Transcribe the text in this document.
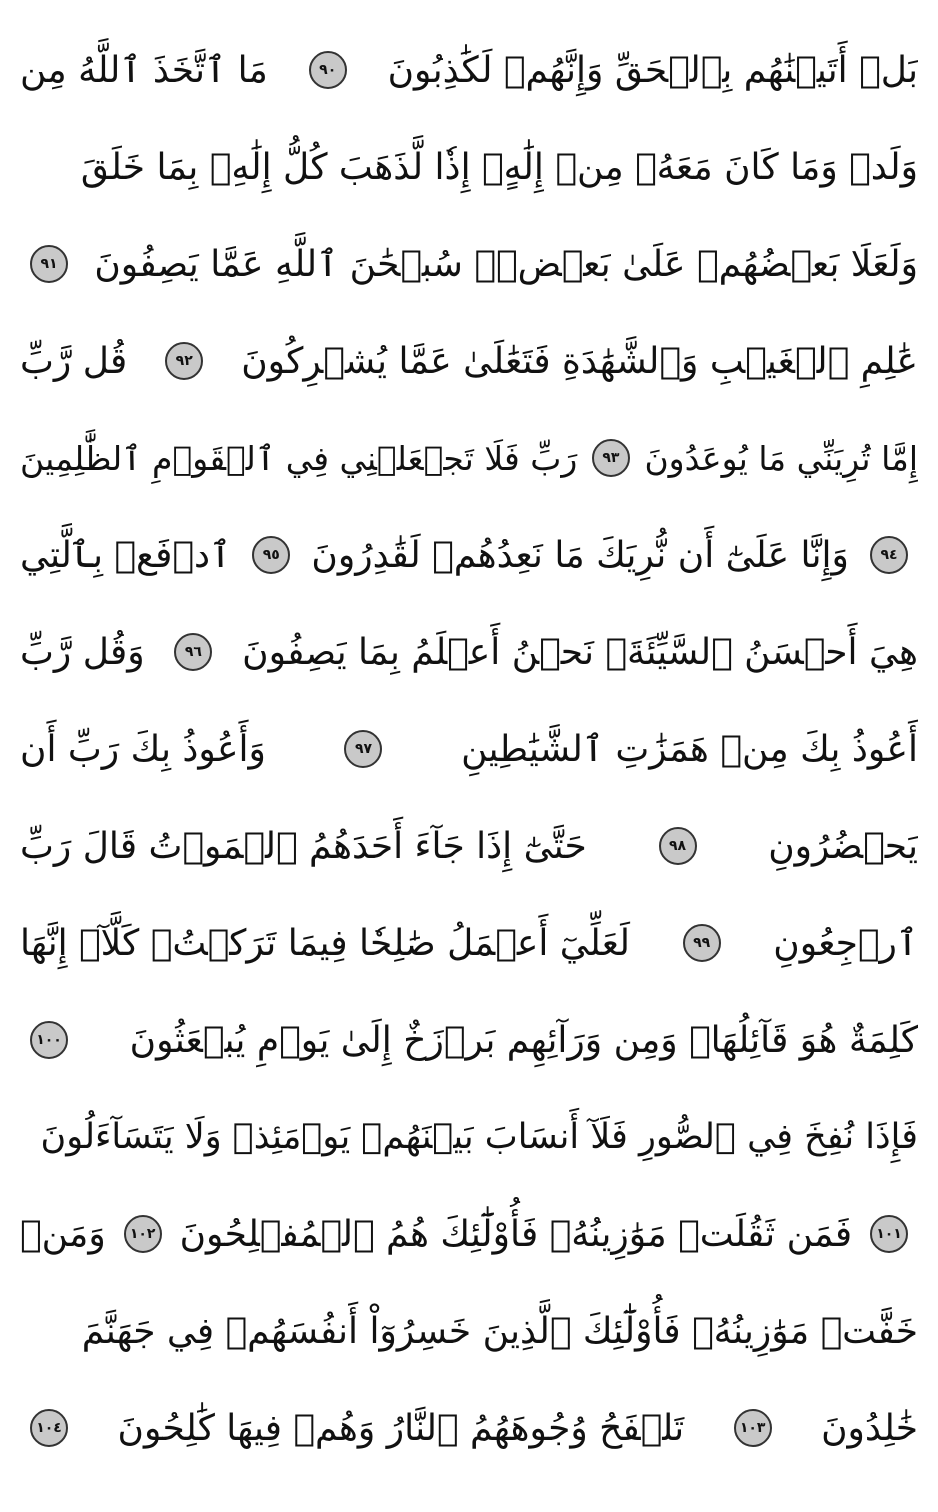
بَلۡ أَتَيۡنَٰهُم بِٱلۡحَقِّ وَإِنَّهُمۡ لَكَٰذِبُونَ
٩٠
مَا ٱتَّخَذَ ٱللَّهُ مِن
وَلَدٖ وَمَا كَانَ مَعَهُۥ مِنۡ إِلَٰهٍۚ إِذٗا لَّذَهَبَ كُلُّ إِلَٰهِۭ بِمَا خَلَقَ
وَلَعَلَا بَعۡضُهُمۡ عَلَىٰ بَعۡضٖۚ سُبۡحَٰنَ ٱللَّهِ عَمَّا يَصِفُونَ
٩١
عَٰلِمِ ٱلۡغَيۡبِ وَٱلشَّهَٰدَةِ فَتَعَٰلَىٰ عَمَّا يُشۡرِكُونَ
٩٢
قُل رَّبِّ
إِمَّا تُرِيَنِّي مَا يُوعَدُونَ
٩٣
رَبِّ فَلَا تَجۡعَلۡنِي فِي ٱلۡقَوۡمِ ٱلظَّٰلِمِينَ
٩٤
وَإِنَّا عَلَىٰٓ أَن نُّرِيَكَ مَا نَعِدُهُمۡ لَقَٰدِرُونَ
٩٥
ٱدۡفَعۡ بِٱلَّتِي
هِيَ أَحۡسَنُ ٱلسَّيِّئَةَۚ نَحۡنُ أَعۡلَمُ بِمَا يَصِفُونَ
٩٦
وَقُل رَّبِّ
أَعُوذُ بِكَ مِنۡ هَمَزَٰتِ ٱلشَّيَٰطِينِ
٩٧
وَأَعُوذُ بِكَ رَبِّ أَن
يَحۡضُرُونِ
٩٨
حَتَّىٰٓ إِذَا جَآءَ أَحَدَهُمُ ٱلۡمَوۡتُ قَالَ رَبِّ
ٱرۡجِعُونِ
٩٩
لَعَلِّيٓ أَعۡمَلُ صَٰلِحٗا فِيمَا تَرَكۡتُۚ كَلَّآۚ إِنَّهَا
كَلِمَةٌ هُوَ قَآئِلُهَاۖ وَمِن وَرَآئِهِم بَرۡزَخٌ إِلَىٰ يَوۡمِ يُبۡعَثُونَ
١٠٠
فَإِذَا نُفِخَ فِي ٱلصُّورِ فَلَآ أَنسَابَ بَيۡنَهُمۡ يَوۡمَئِذٖ وَلَا يَتَسَآءَلُونَ
١٠١
فَمَن ثَقُلَتۡ مَوَٰزِينُهُۥ فَأُوْلَٰٓئِكَ هُمُ ٱلۡمُفۡلِحُونَ
١٠٢
وَمَنۡ
خَفَّتۡ مَوَٰزِينُهُۥ فَأُوْلَٰٓئِكَ ٱلَّذِينَ خَسِرُوٓاْ أَنفُسَهُمۡ فِي جَهَنَّمَ
خَٰلِدُونَ
١٠٣
تَلۡفَحُ وُجُوهَهُمُ ٱلنَّارُ وَهُمۡ فِيهَا كَٰلِحُونَ
١٠٤
